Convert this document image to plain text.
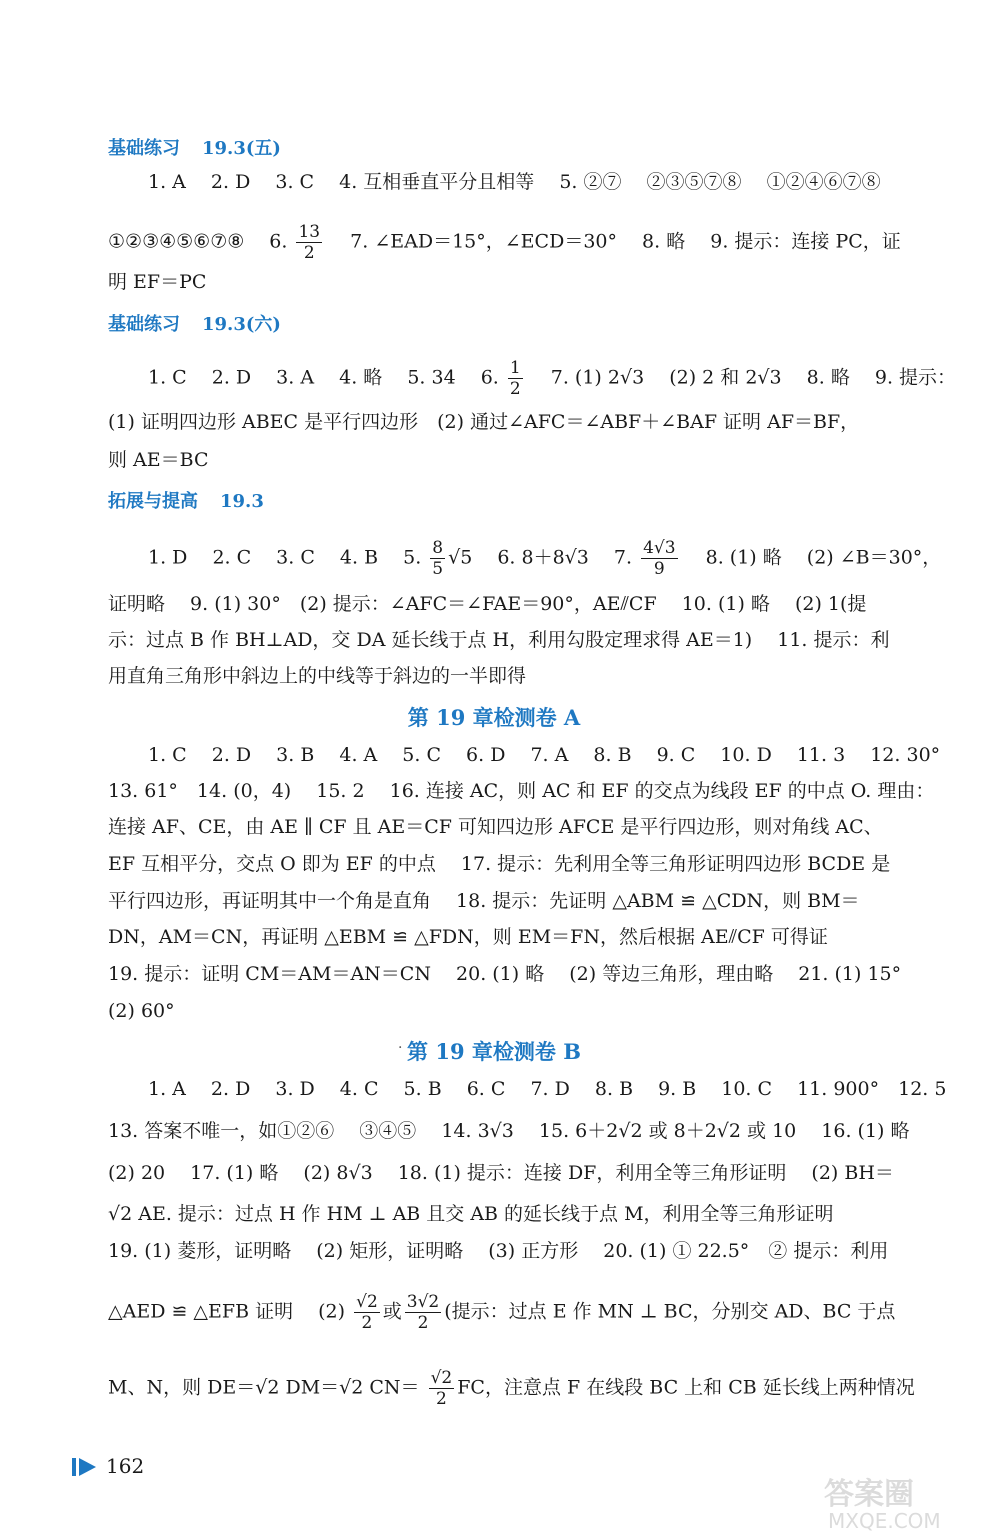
基础练习 19.3(五)
1. A　 2. D　 3. C　 4. 互相垂直平分且相等　 5. ②⑦　 ②③⑤⑦⑧　 ①②④⑥⑦⑧
①②③④⑤⑥⑦⑧　 6. $\frac{13}{2}$ 　7. ∠EAD＝15°，∠ECD＝30°　 8. 略　 9. 提示：连接 PC，证
明 EF＝PC
基础练习 19.3(六)
1. C　 2. D　 3. A　 4. 略　 5. 34　 6. $\frac{1}{2}$ 　7. (1) 2√3　 (2) 2 和 2√3　 8. 略　 9. 提示：
(1) 证明四边形 ABEC 是平行四边形　(2) 通过∠AFC＝∠ABF＋∠BAF 证明 AF＝BF，
则 AE＝BC
拓展与提高 19.3
1. D　 2. C　 3. C　 4. B　 5. $\frac{8}{5} √5$　 6. 8＋8√3　 7. $\frac{4√3}{9}$ 　8. (1) 略　 (2) ∠B＝30°，
证明略　 9. (1) 30°　(2) 提示：∠AFC＝∠FAE＝90°，AE⫽CF　 10. (1) 略　 (2) 1(提
示：过点 B 作 BH⊥AD，交 DA 延长线于点 H，利用勾股定理求得 AE＝1)　 11. 提示：利
用直角三角形中斜边上的中线等于斜边的一半即得
第 19 章检测卷 A
1. C　 2. D　 3. B　 4. A　 5. C　 6. D　 7. A　 8. B　 9. C　 10. D　 11. 3　 12. 30°
13. 61°　14. (0，4)　 15. 2　 16. 连接 AC，则 AC 和 EF 的交点为线段 EF 的中点 O. 理由：
连接 AF、CE，由 AE ∥ CF 且 AE＝CF 可知四边形 AFCE 是平行四边形，则对角线 AC、
EF 互相平分，交点 O 即为 EF 的中点　 17. 提示：先利用全等三角形证明四边形 BCDE 是
平行四边形，再证明其中一个角是直角　 18. 提示：先证明 △ABM ≌ △CDN，则 BM＝
DN，AM＝CN，再证明 △EBM ≌ △FDN，则 EM＝FN，然后根据 AE⫽CF 可得证
19. 提示：证明 CM＝AM＝AN＝CN　 20. (1) 略　 (2) 等边三角形，理由略　 21. (1) 15°
(2) 60°
· 第 19 章检测卷 B
1. A　 2. D　 3. D　 4. C　 5. B　 6. C　 7. D　 8. B　 9. B　 10. C　 11. 900°　12. 5
13. 答案不唯一，如①②⑥　 ③④⑤　 14. 3√3　 15. 6＋2√2 或 8＋2√2 或 10　 16. (1) 略
(2) 20　 17. (1) 略　 (2) 8√3　 18. (1) 提示：连接 DF，利用全等三角形证明　 (2) BH＝
√2 AE. 提示：过点 H 作 HM ⊥ AB 且交 AB 的延长线于点 M，利用全等三角形证明
19. (1) 菱形，证明略　 (2) 矩形，证明略　 (3) 正方形　 20. (1) ① 22.5°　② 提示：利用
△AED ≌ △EFB 证明　 $(2) \frac{√2}{2}$ 或 $\frac{3√2}{2}$ (提示：过点 E 作 MN ⊥ BC，分别交 AD、BC 于点
M、N，则 DE＝√2 DM＝√2 $CN= \frac{√2}{2}$ FC，注意点 F 在线段 BC 上和 CB 延长线上两种情况
162
答案圈
MXQE.COM
